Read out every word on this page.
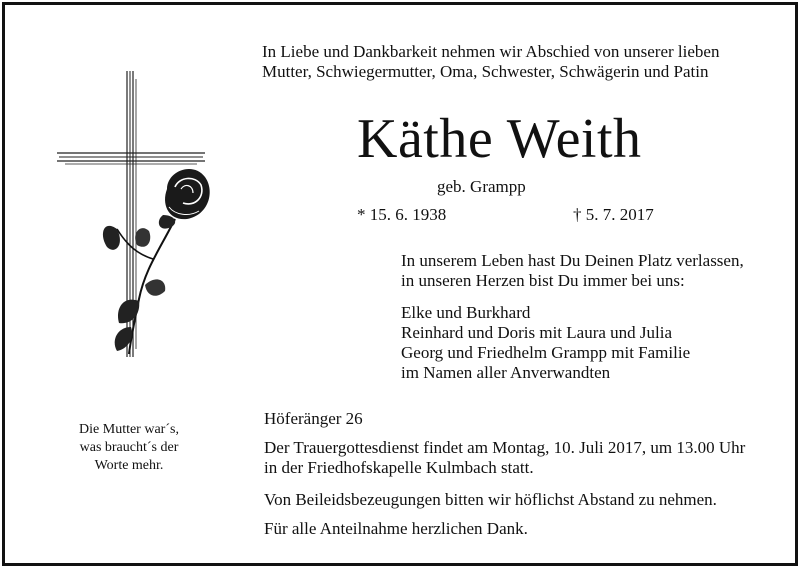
In Liebe und Dankbarkeit nehmen wir Abschied von unserer lieben
Mutter, Schwiegermutter, Oma, Schwester, Schwägerin und Patin
Käthe Weith
geb. Grampp
* 15. 6. 1938	† 5. 7. 2017
In unserem Leben hast Du Deinen Platz verlassen,
in unseren Herzen bist Du immer bei uns:
Elke und Burkhard
Reinhard und Doris mit Laura und Julia
Georg und Friedhelm Grampp mit Familie
im Namen aller Anverwandten
Höferänger 26
Der Trauergottesdienst findet am Montag, 10. Juli 2017, um 13.00 Uhr
in der Friedhofskapelle Kulmbach statt.
Von Beileidsbezeugungen bitten wir höflichst Abstand zu nehmen.
Für alle Anteilnahme herzlichen Dank.
Die Mutter war´s,
was braucht´s der
Worte mehr.
